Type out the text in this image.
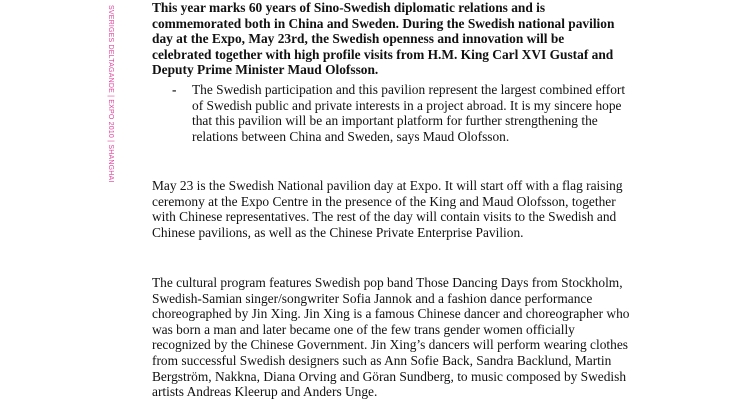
SVERIGES DELTAGANDE | EXPO 2010 | SHANGHAI	This year marks 60 years of Sino-Swedish diplomatic relations and is commemorated both in China and Sweden. During the Swedish national pavilion day at the Expo, May 23rd, the Swedish openness and innovation will be celebrated together with high profile visits from H.M. King Carl XVI Gustaf and Deputy Prime Minister Maud Olofsson.

- The Swedish participation and this pavilion represent the largest combined effort of Swedish public and private interests in a project abroad. It is my sincere hope that this pavilion will be an important platform for further strengthening the relations between China and Sweden, says Maud Olofsson.

May 23 is the Swedish National pavilion day at Expo. It will start off with a flag raising ceremony at the Expo Centre in the presence of the King and Maud Olofsson, together with Chinese representatives. The rest of the day will contain visits to the Swedish and Chinese pavilions, as well as the Chinese Private Enterprise Pavilion.

The cultural program features Swedish pop band Those Dancing Days from Stockholm, Swedish-Samian singer/songwriter Sofia Jannok and a fashion dance performance choreographed by Jin Xing. Jin Xing is a famous Chinese dancer and choreographer who was born a man and later became one of the few trans gender women officially recognized by the Chinese Government. Jin Xing’s dancers will perform wearing clothes from successful Swedish designers such as Ann Sofie Back, Sandra Backlund, Martin Bergström, Nakkna, Diana Orving and Göran Sundberg, to music composed by Swedish artists Andreas Kleerup and Anders Unge.
